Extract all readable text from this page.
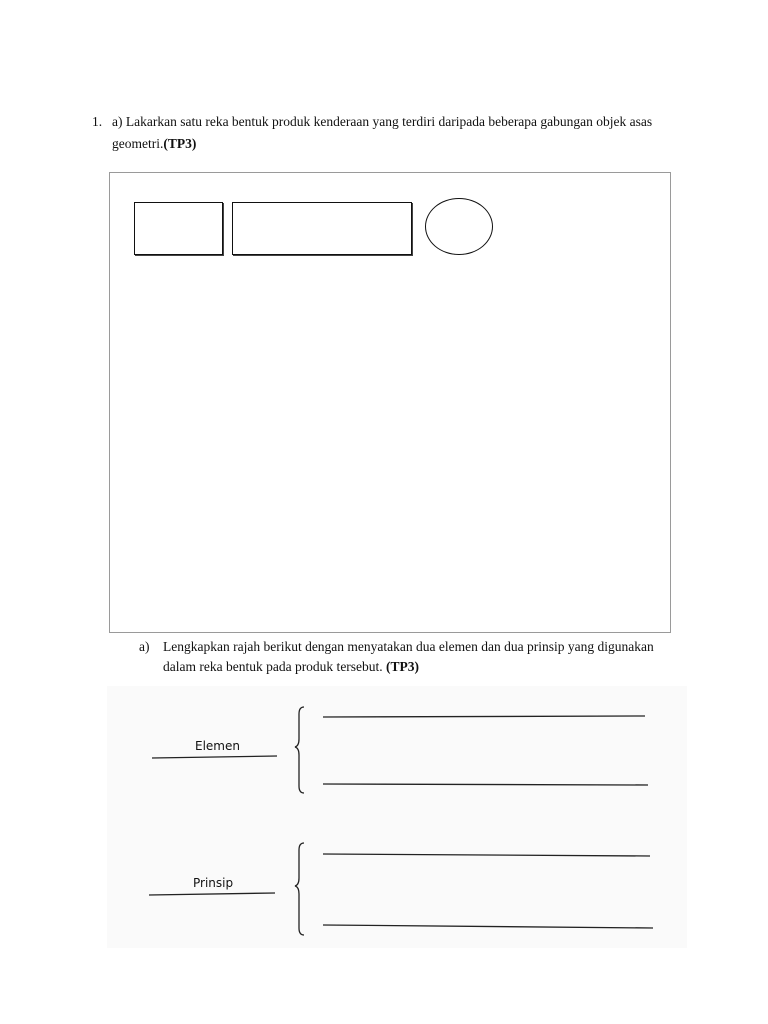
1. a) Lakarkan satu reka bentuk produk kenderaan yang terdiri daripada beberapa gabungan objek asas geometri.(TP3)
a) Lengkapkan rajah berikut dengan menyatakan dua elemen dan dua prinsip yang digunakan dalam reka bentuk pada produk tersebut. (TP3)
Elemen
Prinsip
